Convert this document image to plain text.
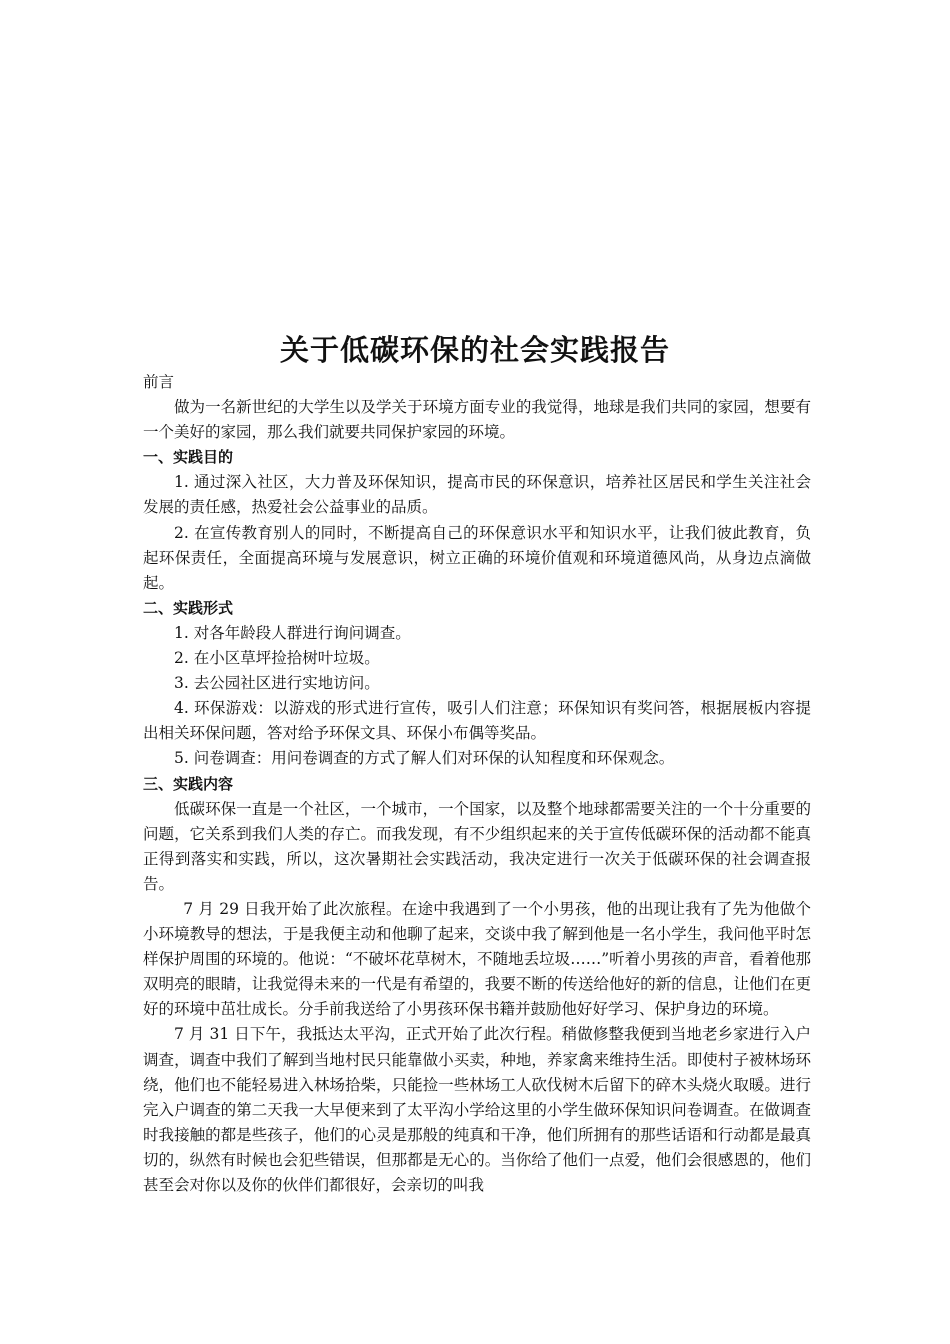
关于低碳环保的社会实践报告

前言

做为一名新世纪的大学生以及学关于环境方面专业的我觉得，地球是我们共同的家园，想要有一个美好的家园，那么我们就要共同保护家园的环境。

一、实践目的

1. 通过深入社区，大力普及环保知识，提高市民的环保意识，培养社区居民和学生关注社会发展的责任感，热爱社会公益事业的品质。

2. 在宣传教育别人的同时，不断提高自己的环保意识水平和知识水平，让我们彼此教育，负起环保责任，全面提高环境与发展意识，树立正确的环境价值观和环境道德风尚，从身边点滴做起。

二、实践形式

1. 对各年龄段人群进行询问调查。

2. 在小区草坪捡拾树叶垃圾。

3. 去公园社区进行实地访问。

4. 环保游戏：以游戏的形式进行宣传，吸引人们注意；环保知识有奖问答，根据展板内容提出相关环保问题，答对给予环保文具、环保小布偶等奖品。

5. 问卷调查：用问卷调查的方式了解人们对环保的认知程度和环保观念。

三、实践内容

低碳环保一直是一个社区，一个城市，一个国家，以及整个地球都需要关注的一个十分重要的问题，它关系到我们人类的存亡。而我发现，有不少组织起来的关于宣传低碳环保的活动都不能真正得到落实和实践，所以，这次暑期社会实践活动，我决定进行一次关于低碳环保的社会调查报告。

7 月 29 日我开始了此次旅程。在途中我遇到了一个小男孩，他的出现让我有了先为他做个小环境教导的想法，于是我便主动和他聊了起来，交谈中我了解到他是一名小学生，我问他平时怎样保护周围的环境的。他说：“不破坏花草树木，不随地丢垃圾……”听着小男孩的声音，看着他那双明亮的眼睛，让我觉得未来的一代是有希望的，我要不断的传送给他好的新的信息，让他们在更好的环境中茁壮成长。分手前我送给了小男孩环保书籍并鼓励他好好学习、保护身边的环境。

7 月 31 日下午，我抵达太平沟，正式开始了此次行程。稍做修整我便到当地老乡家进行入户调查，调查中我们了解到当地村民只能靠做小买卖，种地，养家禽来维持生活。即使村子被林场环绕，他们也不能轻易进入林场拾柴，只能捡一些林场工人砍伐树木后留下的碎木头烧火取暖。进行完入户调查的第二天我一大早便来到了太平沟小学给这里的小学生做环保知识问卷调查。在做调查时我接触的都是些孩子，他们的心灵是那般的纯真和干净，他们所拥有的那些话语和行动都是最真切的，纵然有时候也会犯些错误，但那都是无心的。当你给了他们一点爱，他们会很感恩的，他们甚至会对你以及你的伙伴们都很好，会亲切的叫我
